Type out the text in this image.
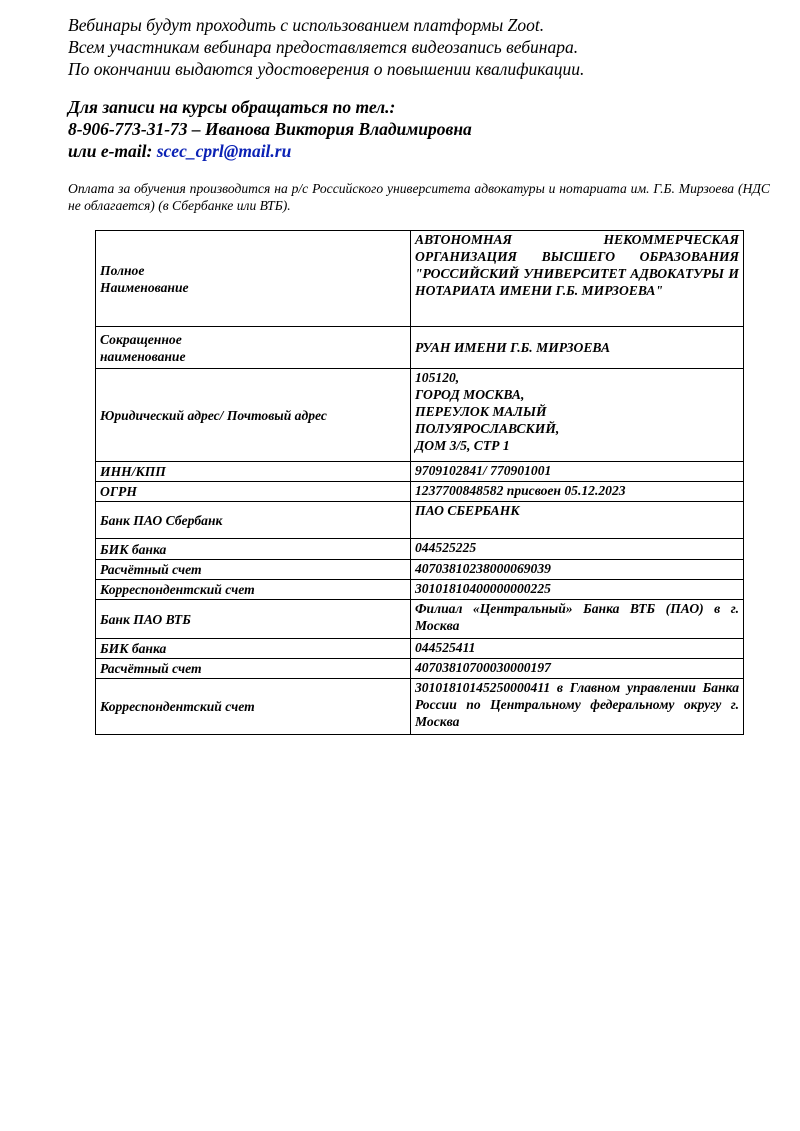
Вебинары будут проходить с использованием платформы Zoot.

Всем участникам вебинара предоставляется видеозапись вебинара.

По окончании выдаются удостоверения о повышении квалификации.

Для записи на курсы обращаться по тел.:

8-906-773-31-73 – Иванова Виктория Владимировна

или e-mail: scec_cprl@mail.ru

Оплата за обучения производится на р/с Российского университета адвокатуры и нотариата им. Г.Б. Мирзоева (НДС не облагается) (в Сбербанке или ВТБ).
Полное
Наименование	АВТОНОМНАЯ НЕКОММЕРЧЕСКАЯ ОРГАНИЗАЦИЯ ВЫСШЕГО ОБРАЗОВАНИЯ "РОССИЙСКИЙ УНИВЕРСИТЕТ АДВОКАТУРЫ И НОТАРИАТА ИМЕНИ Г.Б. МИРЗОЕВА"
Сокращенное
наименование	РУАН ИМЕНИ Г.Б. МИРЗОЕВА
Юридический адрес/ Почтовый адрес	105120,
ГОРОД МОСКВА,
ПЕРЕУЛОК МАЛЫЙ
ПОЛУЯРОСЛАВСКИЙ,
ДОМ 3/5, СТР 1
ИНН/КПП	9709102841/ 770901001
ОГРН	1237700848582 присвоен 05.12.2023
Банк ПАО Сбербанк	ПАО СБЕРБАНК
БИК банка	044525225
Расчётный счет	40703810238000069039
Корреспондентский счет	30101810400000000225
Банк ПАО ВТБ	Филиал «Центральный» Банка ВТБ (ПАО) в г. Москва
БИК банка	044525411
Расчётный счет	40703810700030000197
Корреспондентский счет	30101810145250000411 в Главном управлении Банка России по Центральному федеральному округу г. Москва
